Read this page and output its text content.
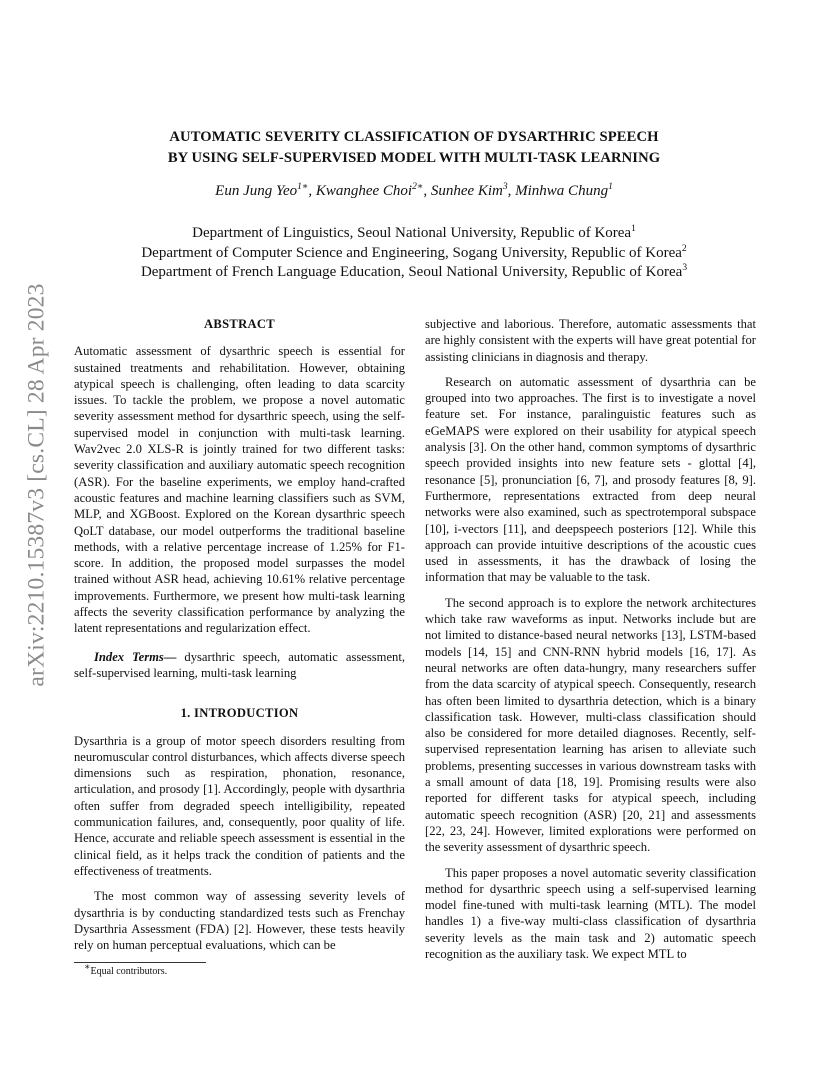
arXiv:2210.15387v3 [cs.CL] 28 Apr 2023
AUTOMATIC SEVERITY CLASSIFICATION OF DYSARTHRIC SPEECH
BY USING SELF-SUPERVISED MODEL WITH MULTI-TASK LEARNING
Eun Jung Yeo$^{1∗}$, Kwanghee Choi$^{2∗}$, Sunhee Kim$^3$, Minhwa Chung$^1$
Department of Linguistics, Seoul National University, Republic of Korea$^1$
Department of Computer Science and Engineering, Sogang University, Republic of Korea$^2$
Department of French Language Education, Seoul National University, Republic of Korea$^3$
ABSTRACT

Automatic assessment of dysarthric speech is essential for sustained treatments and rehabilitation. However, obtaining atypical speech is challenging, often leading to data scarcity issues. To tackle the problem, we propose a novel automatic severity assessment method for dysarthric speech, using the self-supervised model in conjunction with multi-task learning. Wav2vec 2.0 XLS-R is jointly trained for two different tasks: severity classification and auxiliary automatic speech recognition (ASR). For the baseline experiments, we employ hand-crafted acoustic features and machine learning classifiers such as SVM, MLP, and XGBoost. Explored on the Korean dysarthric speech QoLT database, our model outperforms the traditional baseline methods, with a relative percentage increase of 1.25% for F1-score. In addition, the proposed model surpasses the model trained without ASR head, achieving 10.61% relative percentage improvements. Furthermore, we present how multi-task learning affects the severity classification performance by analyzing the latent representations and regularization effect.

Index Terms— dysarthric speech, automatic assessment, self-supervised learning, multi-task learning

1. INTRODUCTION

Dysarthria is a group of motor speech disorders resulting from neuromuscular control disturbances, which affects diverse speech dimensions such as respiration, phonation, resonance, articulation, and prosody [1]. Accordingly, people with dysarthria often suffer from degraded speech intelligibility, repeated communication failures, and, consequently, poor quality of life. Hence, accurate and reliable speech assessment is essential in the clinical field, as it helps track the condition of patients and the effectiveness of treatments.

The most common way of assessing severity levels of dysarthria is by conducting standardized tests such as Frenchay Dysarthria Assessment (FDA) [2]. However, these tests heavily rely on human perceptual evaluations, which can be

subjective and laborious. Therefore, automatic assessments that are highly consistent with the experts will have great potential for assisting clinicians in diagnosis and therapy.

Research on automatic assessment of dysarthria can be grouped into two approaches. The first is to investigate a novel feature set. For instance, paralinguistic features such as eGeMAPS were explored on their usability for atypical speech analysis [3]. On the other hand, common symptoms of dysarthric speech provided insights into new feature sets - glottal [4], resonance [5], pronunciation [6, 7], and prosody features [8, 9]. Furthermore, representations extracted from deep neural networks were also examined, such as spectrotemporal subspace [10], i-vectors [11], and deepspeech posteriors [12]. While this approach can provide intuitive descriptions of the acoustic cues used in assessments, it has the drawback of losing the information that may be valuable to the task.

The second approach is to explore the network architectures which take raw waveforms as input. Networks include but are not limited to distance-based neural networks [13], LSTM-based models [14, 15] and CNN-RNN hybrid models [16, 17]. As neural networks are often data-hungry, many researchers suffer from the data scarcity of atypical speech. Consequently, research has often been limited to dysarthria detection, which is a binary classification task. However, multi-class classification should also be considered for more detailed diagnoses. Recently, self-supervised representation learning has arisen to alleviate such problems, presenting successes in various downstream tasks with a small amount of data [18, 19]. Promising results were also reported for different tasks for atypical speech, including automatic speech recognition (ASR) [20, 21] and assessments [22, 23, 24]. However, limited explorations were performed on the severity assessment of dysarthric speech.

This paper proposes a novel automatic severity classification method for dysarthric speech using a self-supervised learning model fine-tuned with multi-task learning (MTL). The model handles 1) a five-way multi-class classification of dysarthria severity levels as the main task and 2) automatic speech recognition as the auxiliary task. We expect MTL to

∗Equal contributors.
